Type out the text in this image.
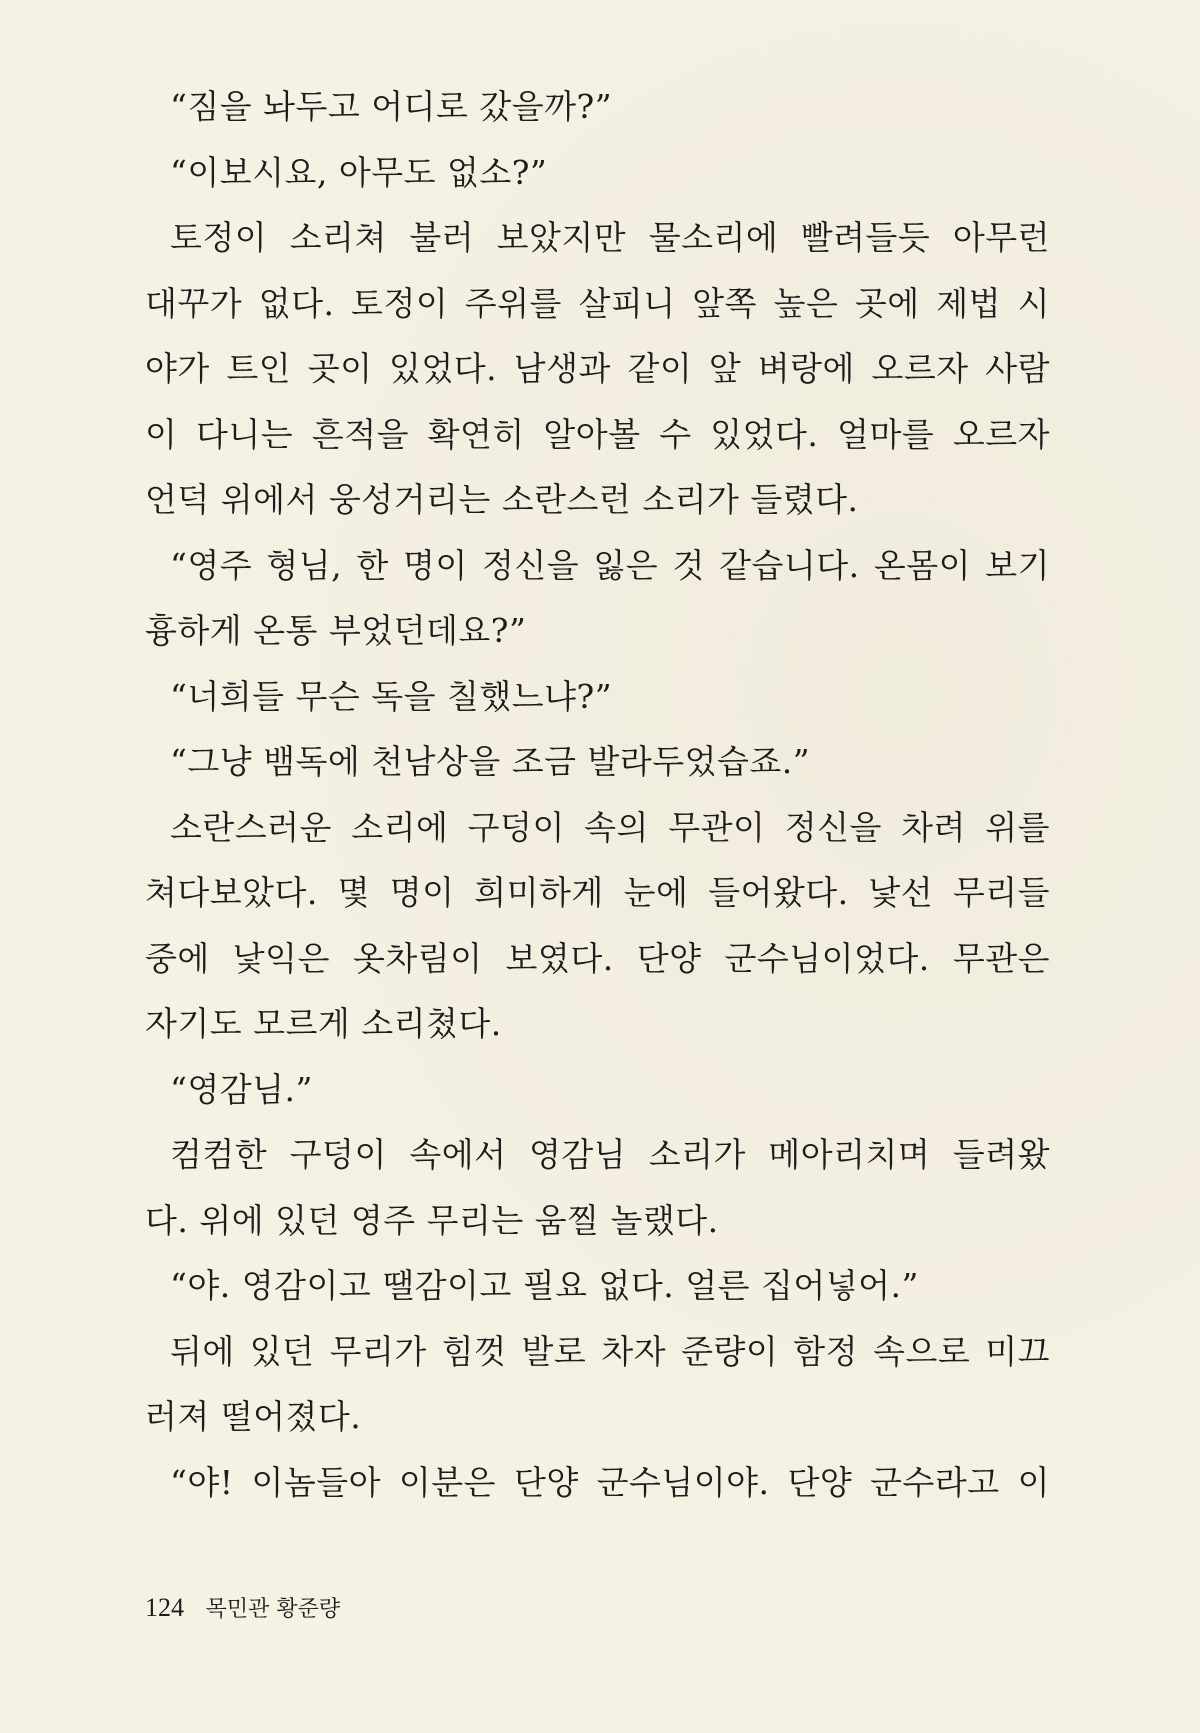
“짐을 놔두고 어디로 갔을까?”
“이보시요, 아무도 없소?”
토정이 소리쳐 불러 보았지만 물소리에 빨려들듯 아무런
대꾸가 없다. 토정이 주위를 살피니 앞쪽 높은 곳에 제법 시
야가 트인 곳이 있었다. 남생과 같이 앞 벼랑에 오르자 사람
이 다니는 흔적을 확연히 알아볼 수 있었다. 얼마를 오르자
언덕 위에서 웅성거리는 소란스런 소리가 들렸다.
“영주 형님, 한 명이 정신을 잃은 것 같습니다. 온몸이 보기
흉하게 온통 부었던데요?”
“너희들 무슨 독을 칠했느냐?”
“그냥 뱀독에 천남상을 조금 발라두었습죠.”
소란스러운 소리에 구덩이 속의 무관이 정신을 차려 위를
쳐다보았다. 몇 명이 희미하게 눈에 들어왔다. 낯선 무리들
중에 낯익은 옷차림이 보였다. 단양 군수님이었다. 무관은
자기도 모르게 소리쳤다.
“영감님.”
컴컴한 구덩이 속에서 영감님 소리가 메아리치며 들려왔
다. 위에 있던 영주 무리는 움찔 놀랬다.
“야. 영감이고 땔감이고 필요 없다. 얼른 집어넣어.”
뒤에 있던 무리가 힘껏 발로 차자 준량이 함정 속으로 미끄
러져 떨어졌다.
“야! 이놈들아 이분은 단양 군수님이야. 단양 군수라고 이
124 목민관 황준량
